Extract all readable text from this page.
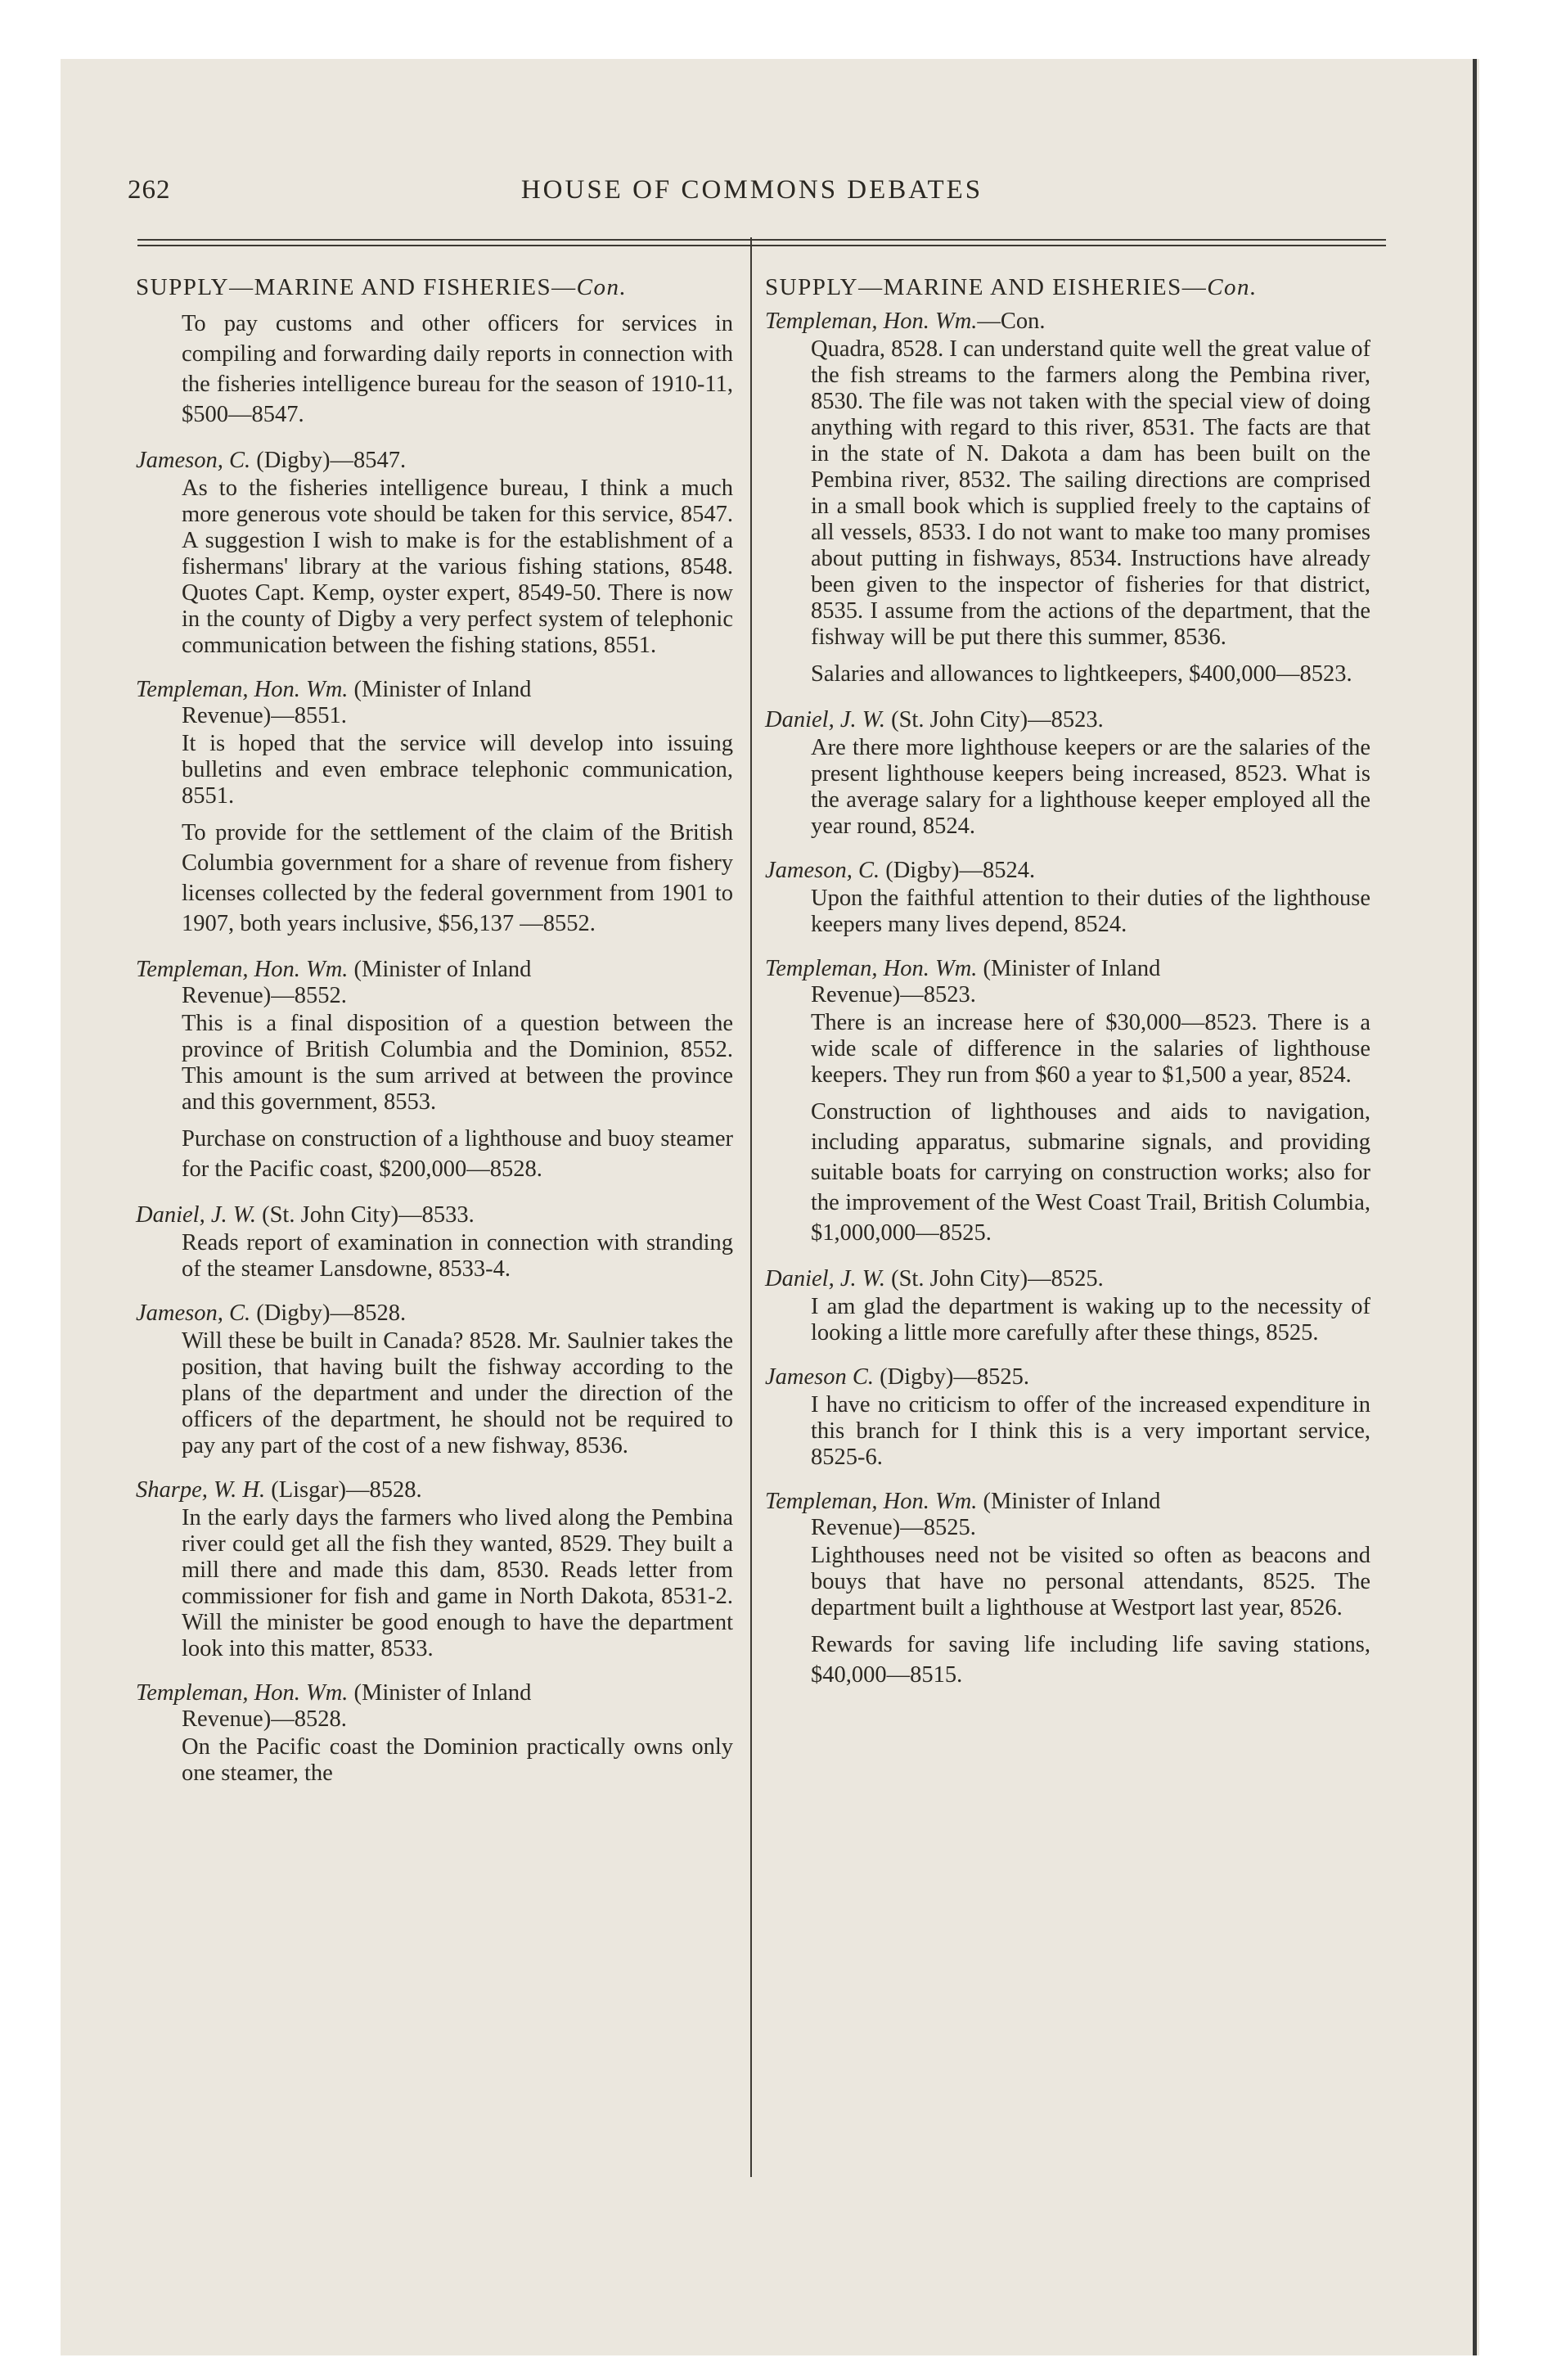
262	HOUSE OF COMMONS DEBATES
SUPPLY—MARINE AND FISHERIES—Con.
To pay customs and other officers for services in compiling and forwarding daily reports in connection with the fisheries intelligence bureau for the season of 1910-11, $500—8547.
Jameson, C. (Digby)—8547.
As to the fisheries intelligence bureau, I think a much more generous vote should be taken for this service, 8547. A suggestion I wish to make is for the establishment of a fishermans' library at the various fishing stations, 8548. Quotes Capt. Kemp, oyster expert, 8549-50. There is now in the county of Digby a very perfect system of telephonic communication between the fishing stations, 8551.
Templeman, Hon. Wm. (Minister of Inland
Revenue)—8551.
It is hoped that the service will develop into issuing bulletins and even embrace telephonic communication, 8551.
To provide for the settlement of the claim of the British Columbia government for a share of revenue from fishery licenses collected by the federal government from 1901 to 1907, both years inclusive, $56,137 —8552.
Templeman, Hon. Wm. (Minister of Inland
Revenue)—8552.
This is a final disposition of a question between the province of British Columbia and the Dominion, 8552. This amount is the sum arrived at between the province and this government, 8553.
Purchase on construction of a lighthouse and buoy steamer for the Pacific coast, $200,000—8528.
Daniel, J. W. (St. John City)—8533.
Reads report of examination in connection with stranding of the steamer Lansdowne, 8533-4.
Jameson, C. (Digby)—8528.
Will these be built in Canada? 8528. Mr. Saulnier takes the position, that having built the fishway according to the plans of the department and under the direction of the officers of the department, he should not be required to pay any part of the cost of a new fishway, 8536.
Sharpe, W. H. (Lisgar)—8528.
In the early days the farmers who lived along the Pembina river could get all the fish they wanted, 8529. They built a mill there and made this dam, 8530. Reads letter from commissioner for fish and game in North Dakota, 8531-2. Will the minister be good enough to have the department look into this matter, 8533.
Templeman, Hon. Wm. (Minister of Inland
Revenue)—8528.
On the Pacific coast the Dominion practically owns only one steamer, the
SUPPLY—MARINE AND EISHERIES—Con.
Templeman, Hon. Wm.—Con.
Quadra, 8528. I can understand quite well the great value of the fish streams to the farmers along the Pembina river, 8530. The file was not taken with the special view of doing anything with regard to this river, 8531. The facts are that in the state of N. Dakota a dam has been built on the Pembina river, 8532. The sailing directions are comprised in a small book which is supplied freely to the captains of all vessels, 8533. I do not want to make too many promises about putting in fishways, 8534. Instructions have already been given to the inspector of fisheries for that district, 8535. I assume from the actions of the department, that the fishway will be put there this summer, 8536.
Salaries and allowances to lightkeepers, $400,000—8523.
Daniel, J. W. (St. John City)—8523.
Are there more lighthouse keepers or are the salaries of the present lighthouse keepers being increased, 8523. What is the average salary for a lighthouse keeper employed all the year round, 8524.
Jameson, C. (Digby)—8524.
Upon the faithful attention to their duties of the lighthouse keepers many lives depend, 8524.
Templeman, Hon. Wm. (Minister of Inland
Revenue)—8523.
There is an increase here of $30,000—8523. There is a wide scale of difference in the salaries of lighthouse keepers. They run from $60 a year to $1,500 a year, 8524.
Construction of lighthouses and aids to navigation, including apparatus, submarine signals, and providing suitable boats for carrying on construction works; also for the improvement of the West Coast Trail, British Columbia, $1,000,000—8525.
Daniel, J. W. (St. John City)—8525.
I am glad the department is waking up to the necessity of looking a little more carefully after these things, 8525.
Jameson C. (Digby)—8525.
I have no criticism to offer of the increased expenditure in this branch for I think this is a very important service, 8525-6.
Templeman, Hon. Wm. (Minister of Inland
Revenue)—8525.
Lighthouses need not be visited so often as beacons and bouys that have no personal attendants, 8525. The department built a lighthouse at Westport last year, 8526.
Rewards for saving life including life saving stations, $40,000—8515.
